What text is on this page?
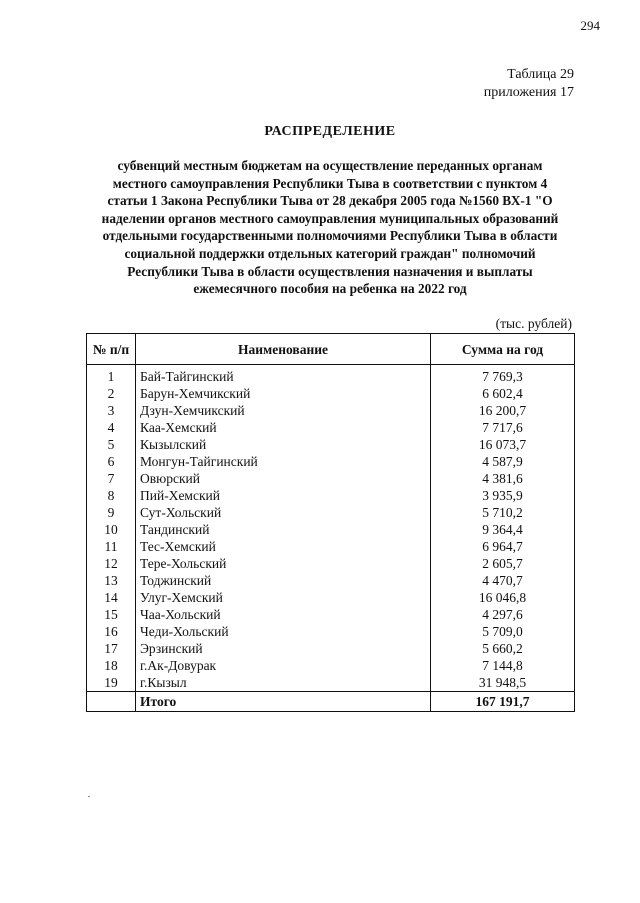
294
Таблица 29
приложения 17
РАСПРЕДЕЛЕНИЕ
субвенций местным бюджетам на осуществление переданных органам местного самоуправления Республики Тыва в соответствии с пунктом 4 статьи 1 Закона Республики Тыва от 28 декабря 2005 года №1560 ВХ-1 "О наделении органов местного самоуправления муниципальных образований отдельными государственными полномочиями Республики Тыва в области социальной поддержки отдельных категорий граждан" полномочий Республики Тыва в области осуществления назначения и выплаты ежемесячного пособия на ребенка на 2022 год
(тыс. рублей)
№ п/п	Наименование	Сумма на год
1	Бай-Тайгинский	7 769,3
2	Барун-Хемчикский	6 602,4
3	Дзун-Хемчикский	16 200,7
4	Каа-Хемский	7 717,6
5	Кызылский	16 073,7
6	Монгун-Тайгинский	4 587,9
7	Овюрский	4 381,6
8	Пий-Хемский	3 935,9
9	Сут-Хольский	5 710,2
10	Тандинский	9 364,4
11	Тес-Хемский	6 964,7
12	Тере-Хольский	2 605,7
13	Тоджинский	4 470,7
14	Улуг-Хемский	16 046,8
15	Чаа-Хольский	4 297,6
16	Чеди-Хольский	5 709,0
17	Эрзинский	5 660,2
18	г.Ак-Довурак	7 144,8
19	г.Кызыл	31 948,5
	Итого	167 191,7
